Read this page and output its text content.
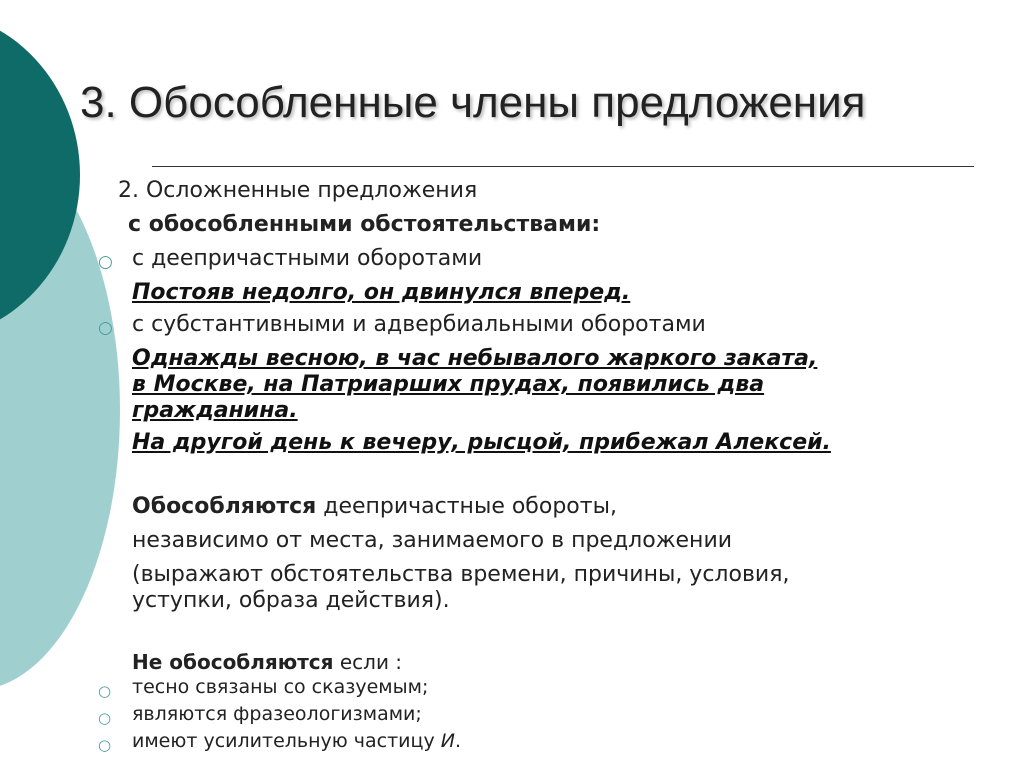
3. Обособленные члены предложения

2. Осложненные предложения

с обособленными обстоятельствами:

○ с деепричастными оборотами

Постояв недолго, он двинулся вперед.

○ с субстантивными и адвербиальными оборотами

Однажды весною, в час небывалого жаркого заката,

в Москве, на Патриарших прудах, появились два

гражданина.

На другой день к вечеру, рысцой, прибежал Алексей.

Обособляются деепричастные обороты,

независимо от места, занимаемого в предложении

(выражают обстоятельства времени, причины, условия,

уступки, образа действия).

Не обособляются если :

○ тесно связаны со сказуемым;

○ являются фразеологизмами;

○ имеют усилительную частицу И.
